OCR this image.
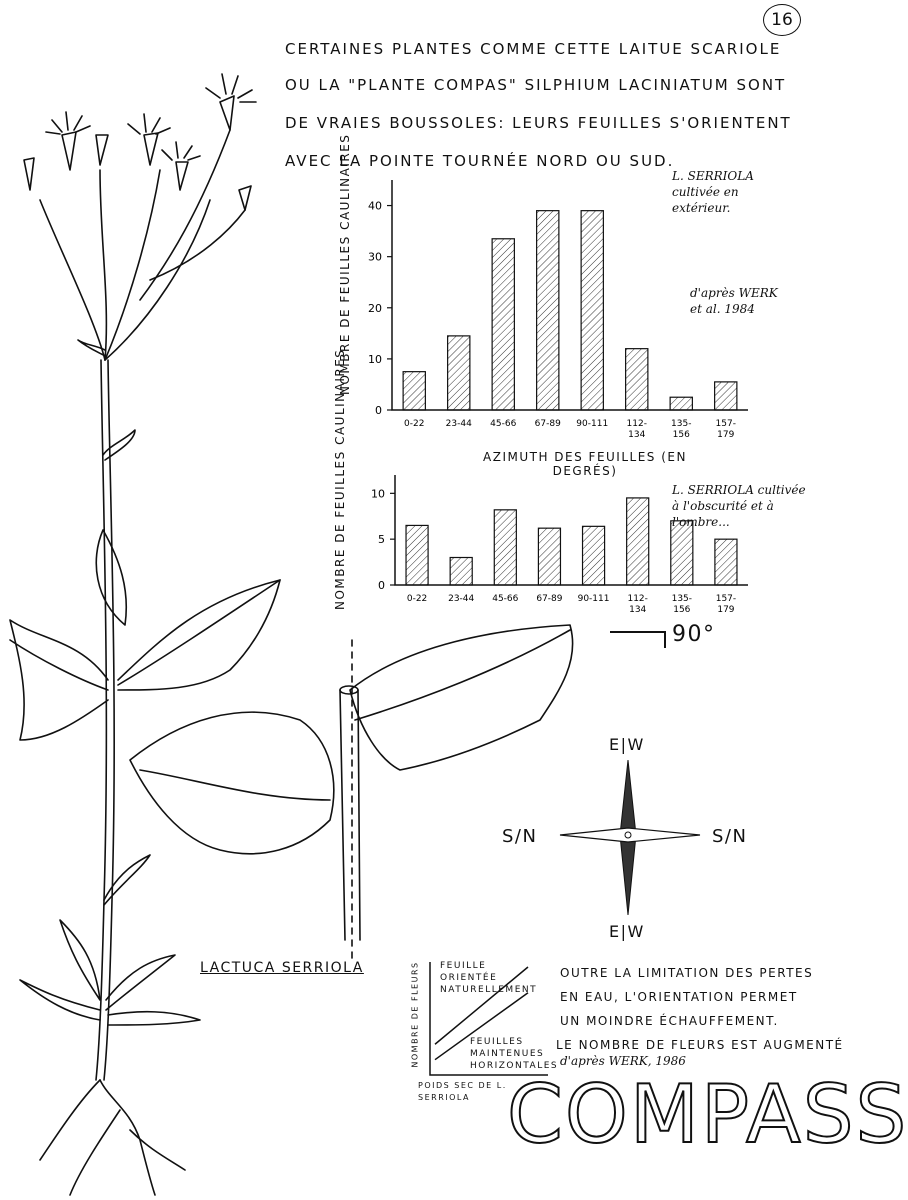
16
CERTAINES PLANTES COMME CETTE LAITUE SCARIOLE
OU LA "PLANTE COMPAS" SILPHIUM LACINIATUM SONT
DE VRAIES BOUSSOLES: LEURS FEUILLES S'ORIENTENT
AVEC LA POINTE TOURNÉE NORD OU SUD.
0
10
20
30
40
0-22 23-44 45-66 67-89 90-111 112-134
135-156
157-179
0
5
10
0-22 23-44 45-66 67-89 90-111 112-134
135-156
157-179
NOMBRE DE FEUILLES CAULINAIRES
NOMBRE DE FEUILLES CAULINAIRES	AZIMUTH DES FEUILLES (EN DEGRÉS)
L. SERRIOLA cultivée en extérieur.
d'après WERK et al. 1984
L. SERRIOLA cultivée à l'obscurité et à l'ombre...
90°
E|W
E|W
S/N	S/N
LACTUCA SERRIOLA	FEUILLE ORIENTÉE NATURELLEMENT
FEUILLES MAINTENUES HORIZONTALES
NOMBRE DE FLEURS
POIDS SEC DE L. SERRIOLA
OUTRE LA LIMITATION DES PERTES
EN EAU, L'ORIENTATION PERMET
UN MOINDRE ÉCHAUFFEMENT.
LE NOMBRE DE FLEURS EST AUGMENTÉ
d'après WERK, 1986
COMPASS
